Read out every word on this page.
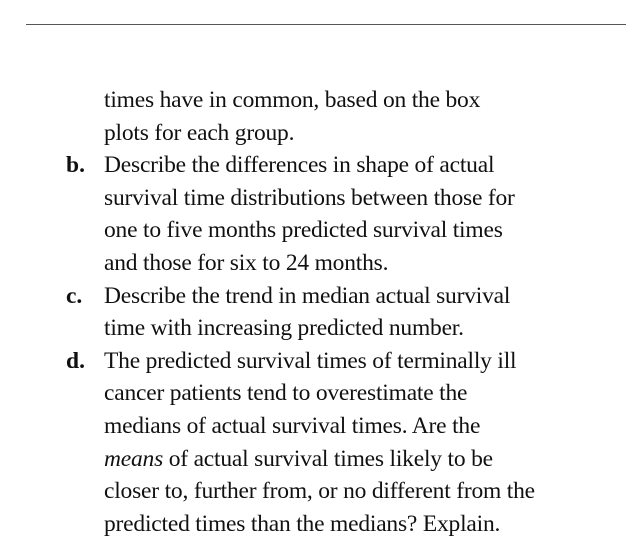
times have in common, based on the box
plots for each group.
b. Describe the differences in shape of actual
survival time distributions between those for
one to five months predicted survival times
and those for six to 24 months.
c. Describe the trend in median actual survival
time with increasing predicted number.
d. The predicted survival times of terminally ill
cancer patients tend to overestimate the
medians of actual survival times. Are the
means of actual survival times likely to be
closer to, further from, or no different from the
predicted times than the medians? Explain.
